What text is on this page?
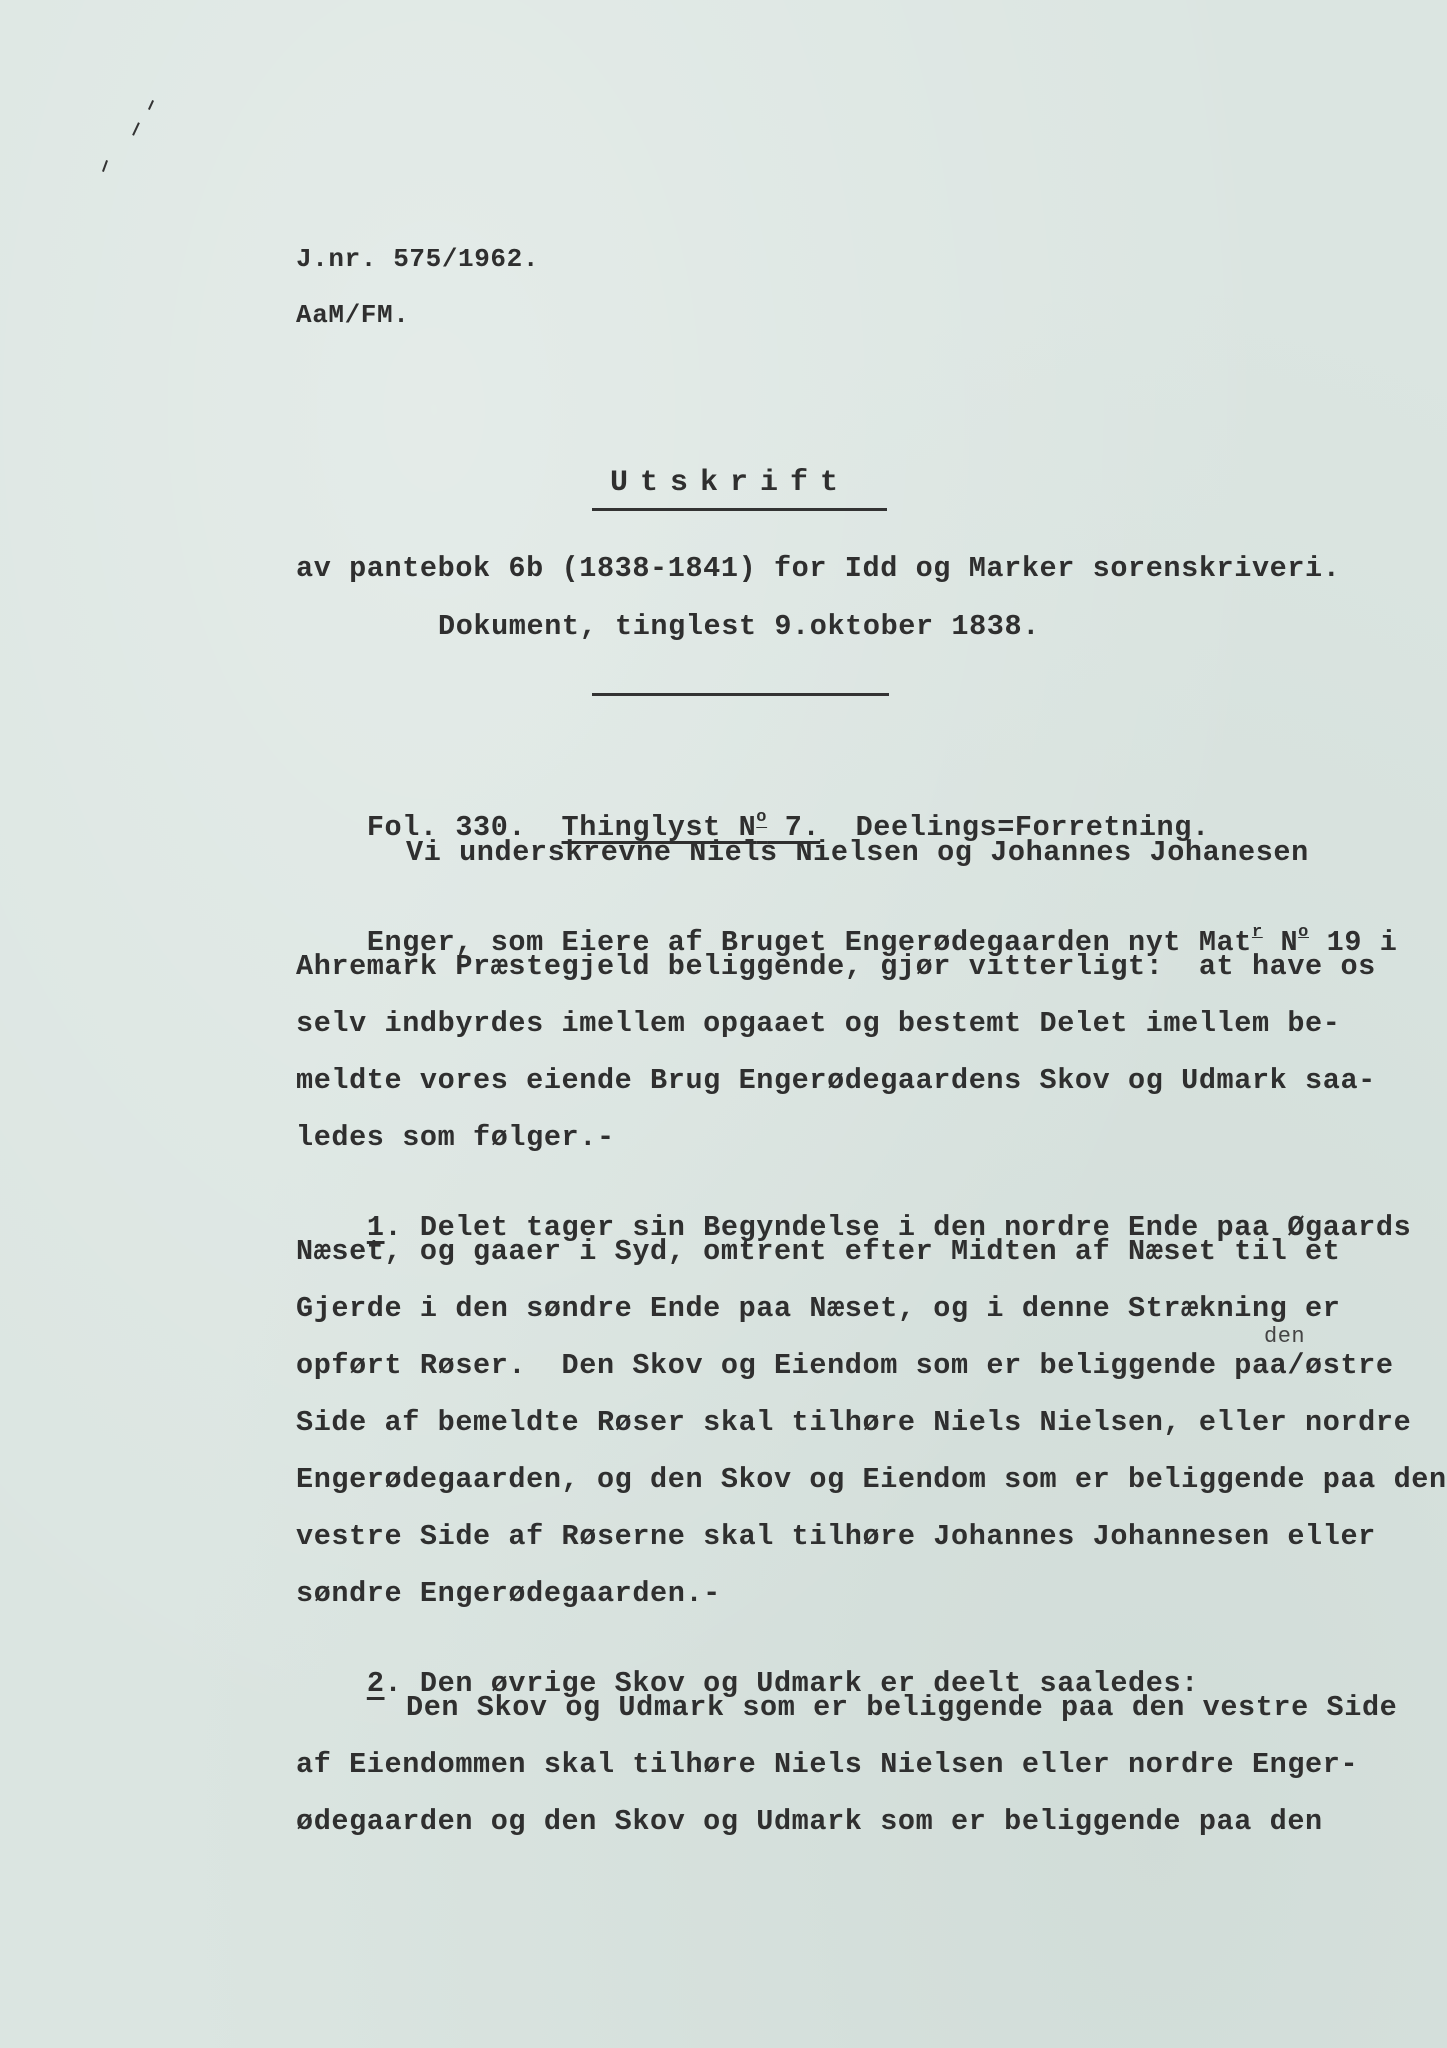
ﾠ
J.nr. 575/1962.
AaM/FM.
Utskrift
av pantebok 6b (1838-1841) for Idd og Marker sorenskriveri.
Dokument, tinglest 9.oktober 1838.

Fol. 330. Thinglyst $N^o$ 7. Deelings=Forretning.

Vi underskrevne Niels Nielsen og Johannes Johanesen

Enger, som Eiere af Bruget Engerødegaarden nyt Mat$^r$ $N^o$ 19 i

Ahremark Præstegjeld beliggende, gjør vitterligt:  at have os
selv indbyrdes imellem opgaaet og bestemt Delet imellem be-
meldte vores eiende Brug Engerødegaardens Skov og Udmark saa-
ledes som følger.-

1. Delet tager sin Begyndelse i den nordre Ende paa Øgaards

Næset, og gaaer i Syd, omtrent efter Midten af Næset til et
Gjerde i den søndre Ende paa Næset, og i denne Strækning er
den
opført Røser.  Den Skov og Eiendom som er beliggende paa/østre
Side af bemeldte Røser skal tilhøre Niels Nielsen, eller nordre
Engerødegaarden, og den Skov og Eiendom som er beliggende paa den
vestre Side af Røserne skal tilhøre Johannes Johannesen eller
søndre Engerødegaarden.-

2. Den øvrige Skov og Udmark er deelt saaledes:

Den Skov og Udmark som er beliggende paa den vestre Side
af Eiendommen skal tilhøre Niels Nielsen eller nordre Enger-
ødegaarden og den Skov og Udmark som er beliggende paa den
